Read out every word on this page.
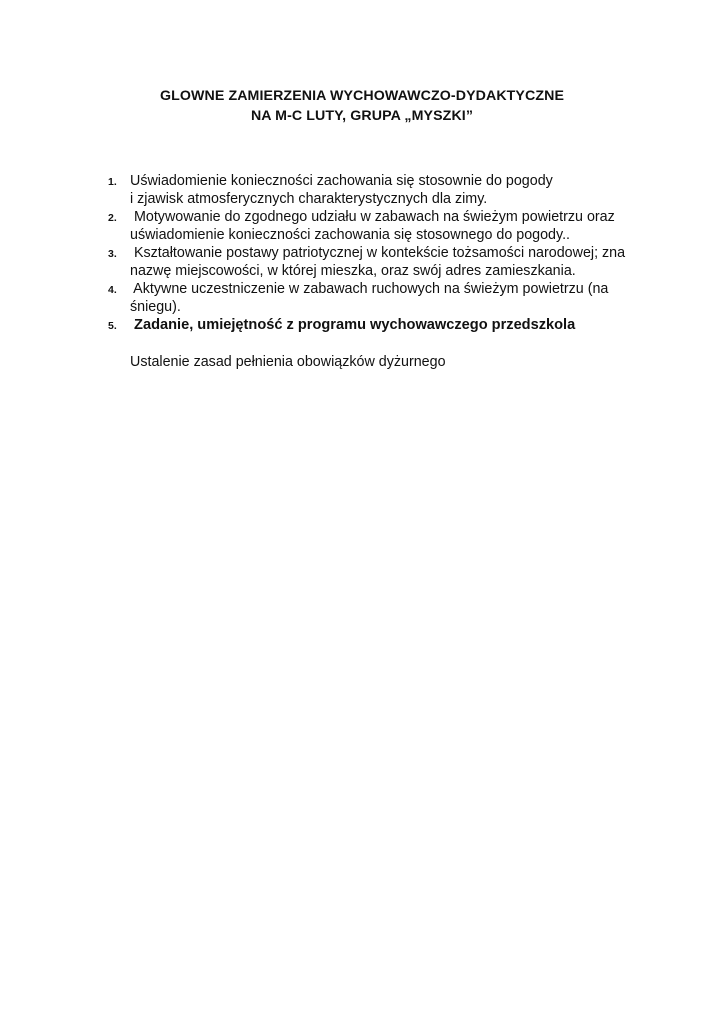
GLOWNE ZAMIERZENIA WYCHOWAWCZO-DYDAKTYCZNE
NA M-C LUTY, GRUPA „MYSZKI”
1. Uświadomienie konieczności zachowania się stosownie do pogody
i zjawisk atmosferycznych charakterystycznych dla zimy.
2. Motywowanie do zgodnego udziału w zabawach na świeżym powietrzu oraz
uświadomienie konieczności zachowania się stosownego do pogody..
3. Kształtowanie postawy patriotycznej w kontekście tożsamości narodowej; zna
nazwę miejscowości, w której mieszka, oraz swój adres zamieszkania.
4. Aktywne uczestniczenie w zabawach ruchowych na świeżym powietrzu (na
śniegu).
5. Zadanie, umiejętność z programu wychowawczego przedszkola
Ustalenie zasad pełnienia obowiązków dyżurnego
